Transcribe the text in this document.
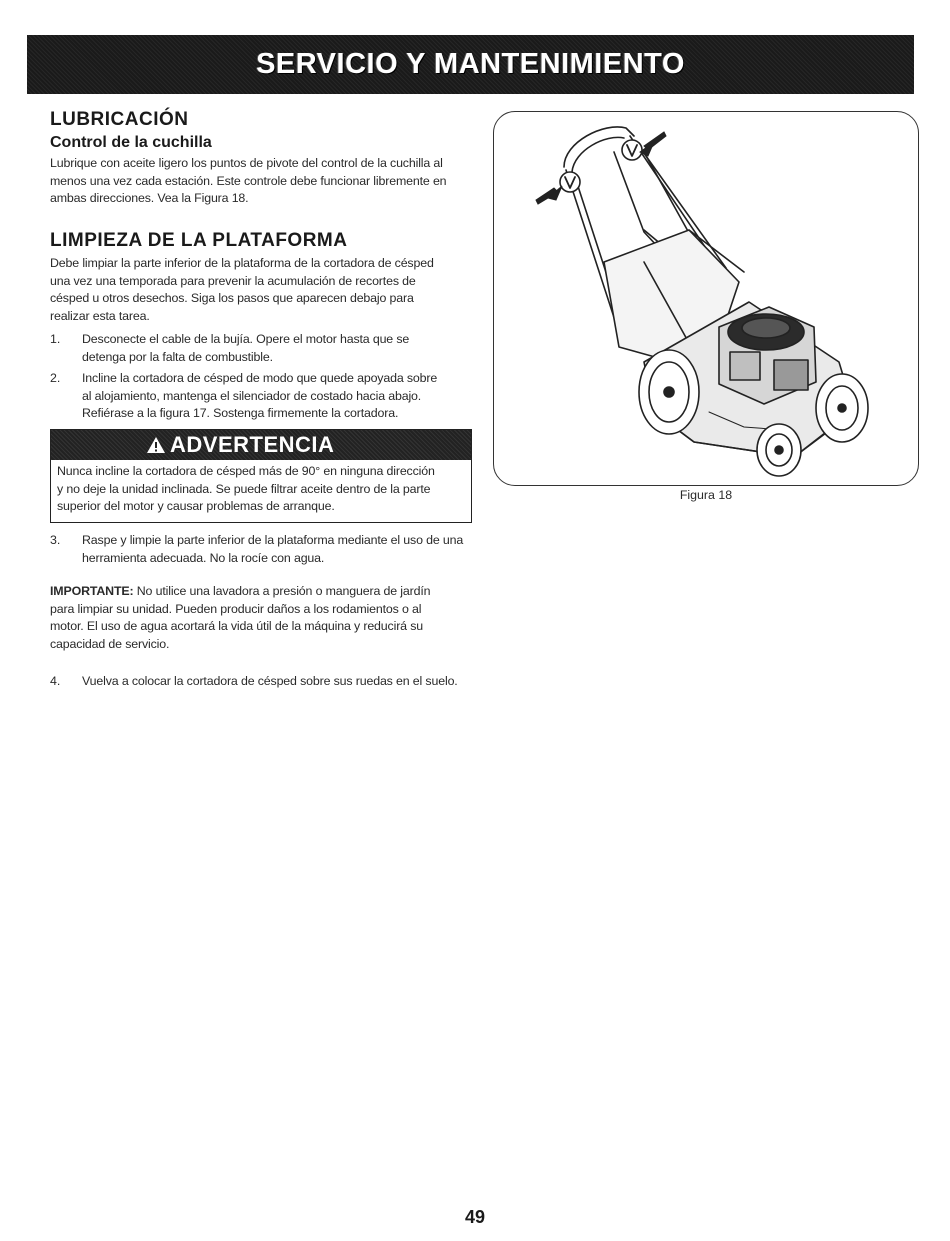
SERVICIO Y MANTENIMIENTO
LUBRICACIÓN
Control de la cuchilla

Lubrique con aceite ligero los puntos de pivote del control de la cuchilla al

menos una vez cada estación. Este controle debe funcionar libremente en

ambas direcciones. Vea la Figura 18.

LIMPIEZA DE LA PLATAFORMA

Debe limpiar la parte inferior de la plataforma de la cortadora de césped

una vez una temporada para prevenir la acumulación de recortes de

césped u otros desechos. Siga los pasos que aparecen debajo para

realizar esta tarea.

1.	Desconecte el cable de la bujía. Opere el motor hasta que se
detenga por la falta de combustible.
2.	Incline la cortadora de césped de modo que quede apoyada sobre
al alojamiento, mantenga el silenciador de costado hacia abajo.
Refiérase a la figura 17. Sostenga firmemente la cortadora.
ADVERTENCIA

Nunca incline la cortadora de césped más de 90° en ninguna dirección

y no deje la unidad inclinada. Se puede filtrar aceite dentro de la parte

superior del motor y causar problemas de arranque.

3.	Raspe y limpie la parte inferior de la plataforma mediante el uso de una
herramienta adecuada. No la rocíe con agua.

IMPORTANTE: No utilice una lavadora a presión o manguera de jardín

para limpiar su unidad. Pueden producir daños a los rodamientos o al

motor. El uso de agua acortará la vida útil de la máquina y reducirá su

capacidad de servicio.

4.	Vuelva a colocar la cortadora de césped sobre sus ruedas en el suelo.
Figura 18
49
